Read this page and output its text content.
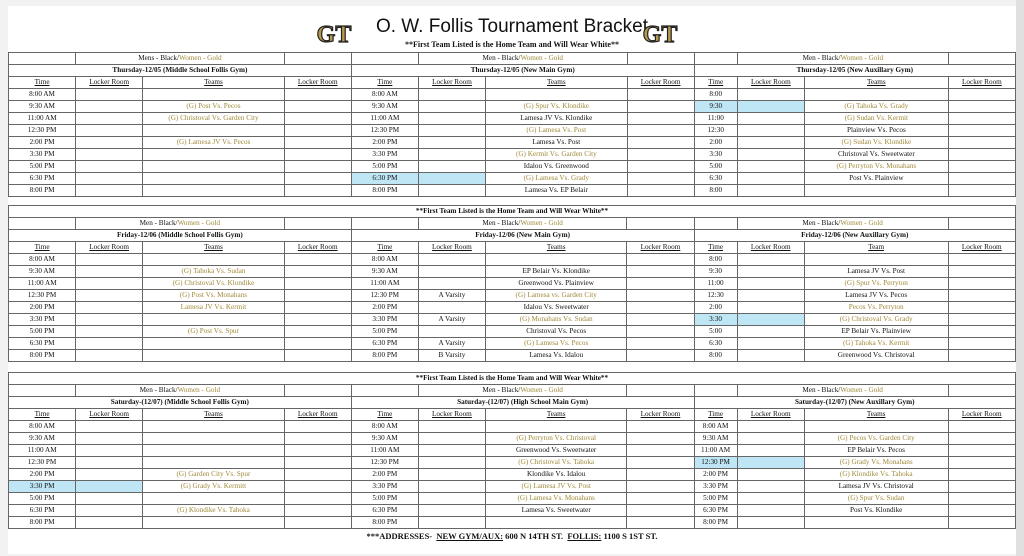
GT	O. W. Follis Tournament Bracket
GT
**First Team Listed is the Home Team and Will Wear White**
	Mens - Black/Women - Gold				Men - Black/Women - Gold				Men - Black/Women - Gold		
Thursday-12/05 (Middle School Follis Gym)				Thursday-12/05 (New Main Gym)				Thursday-12/05 (New Auxillary Gym)			
Time	Locker Room	Teams	Locker Room	Time	Locker Room	Teams	Locker Room	Time	Locker Room	Teams	Locker Room
8:00 AM				8:00 AM				8:00			
9:30 AM		(G) Post Vs. Pecos		9:30 AM		(G) Spur Vs. Klondike		9:30		(G) Tahoka Vs. Grady	
11:00 AM		(G) Christoval Vs. Garden City		11:00 AM		Lamesa JV Vs. Klondike		11:00		(G) Sudan Vs. Kermit	
12:30 PM				12:30 PM		(G) Lamesa Vs. Post		12:30		Plainview Vs. Pecos	
2:00 PM		(G) Lamesa JV Vs. Pecos		2:00 PM		Lamesa Vs. Post		2:00		(G) Sudan Vs. Klondike	
3:30 PM				3:30 PM		(G) Kermit Vs. Garden City		3:30		Christoval Vs. Sweetwater	
5:00 PM				5:00 PM		Idalou Vs. Greenwood		5:00		(G) Perryton Vs. Monahans	
6:30 PM				6:30 PM		(G) Lamesa Vs. Grady		6:30		Post Vs. Plainview	
8:00 PM				8:00 PM		Lamesa Vs. EP Belair		8:00			
**First Team Listed is the Home Team and Will Wear White**											
	Men - Black/Women - Gold				Men - Black/Women - Gold				Men - Black/Women - Gold		
Friday-12/06 (Middle School Follis Gym)				Friday-12/06 (New Main Gym)				Friday-12/06 (New Auxillary Gym)			
Time	Locker Room	Teams	Locker Room	Time	Locker Room	Teams	Locker Room	Time	Locker Room	Team	Locker Room
8:00 AM				8:00 AM				8:00			
9:30 AM		(G) Tahoka Vs. Sudan		9:30 AM		EP Belair Vs. Klondike		9:30		Lamesa JV Vs. Post	
11:00 AM		(G) Christoval Vs. Klondike		11:00 AM		Greenwood Vs. Plainview		11:00		(G) Spur Vs. Perryton	
12:30 PM		(G) Post Vs. Monahans		12:30 PM	A Varsity	(G) Lamesa vs. Garden City		12:30		Lamesa JV Vs. Pecos	
2:00 PM		Lamesa JV Vs. Kermit		2:00 PM		Idalou Vs. Sweetwater		2:00		Pecos Vs. Perryton	
3:30 PM				3:30 PM	A Varsity	(G) Monahans Vs. Sudan		3:30		(G) Christoval Vs. Grady	
5:00 PM		(G) Post Vs. Spur		5:00 PM		Christoval Vs. Pecos		5:00		EP Belair Vs. Plainview	
6:30 PM				6:30 PM	A Varsity	(G) Lamesa Vs. Pecos		6:30		(G) Tahoka Vs. Kermit	
8:00 PM				8:00 PM	B Varsity	Lamesa Vs. Idalou		8:00		Greenwood Vs. Christoval	
**First Team Listed is the Home Team and Will Wear White**											
	Men - Black/Women - Gold				Men - Black/Women - Gold				Men - Black/Women - Gold		
Saturday-(12/07) (Middle School Follis Gym)				Saturday-(12/07) (High School Main Gym)				Saturday-(12/07) (New Auxillary Gym)			
Time	Locker Room	Teams	Locker Room	Time	Locker Room	Teams	Locker Room	Time	Locker Room	Teams	Locker Room
8:00 AM				8:00 AM				8:00 AM			
9:30 AM				9:30 AM		(G) Perryton Vs. Christoval		9:30 AM		(G) Pecos Vs. Garden City	
11:00 AM				11:00 AM		Greenwood Vs. Sweetwater		11:00 AM		EP Belair Vs. Pecos	
12:30 PM				12:30 PM		(G) Christoval Vs. Tahoka		12:30 PM		(G) Grady Vs. Monahans	
2:00 PM		(G) Garden City Vs. Spur		2:00 PM		Klondike Vs. Idalou		2:00 PM		(G) Klondike Vs. Tahoka	
3:30 PM		(G) Grady Vs. Kermitt		3:30 PM		(G) Lamesa JV Vs. Post		3:30 PM		Lamesa JV Vs. Christoval	
5:00 PM				5:00 PM		(G) Lamesa Vs. Monahans		5:00 PM		(G) Spur Vs. Sudan	
6:30 PM		(G) Klondike Vs. Tahoka		6:30 PM		Lamesa Vs. Sweetwater		6:30 PM		Post Vs. Klondike	
8:00 PM				8:00 PM				8:00 PM			
***ADDRESSES- NEW GYM/AUX: 600 N 14TH ST. FOLLIS: 1100 S 1ST ST.
